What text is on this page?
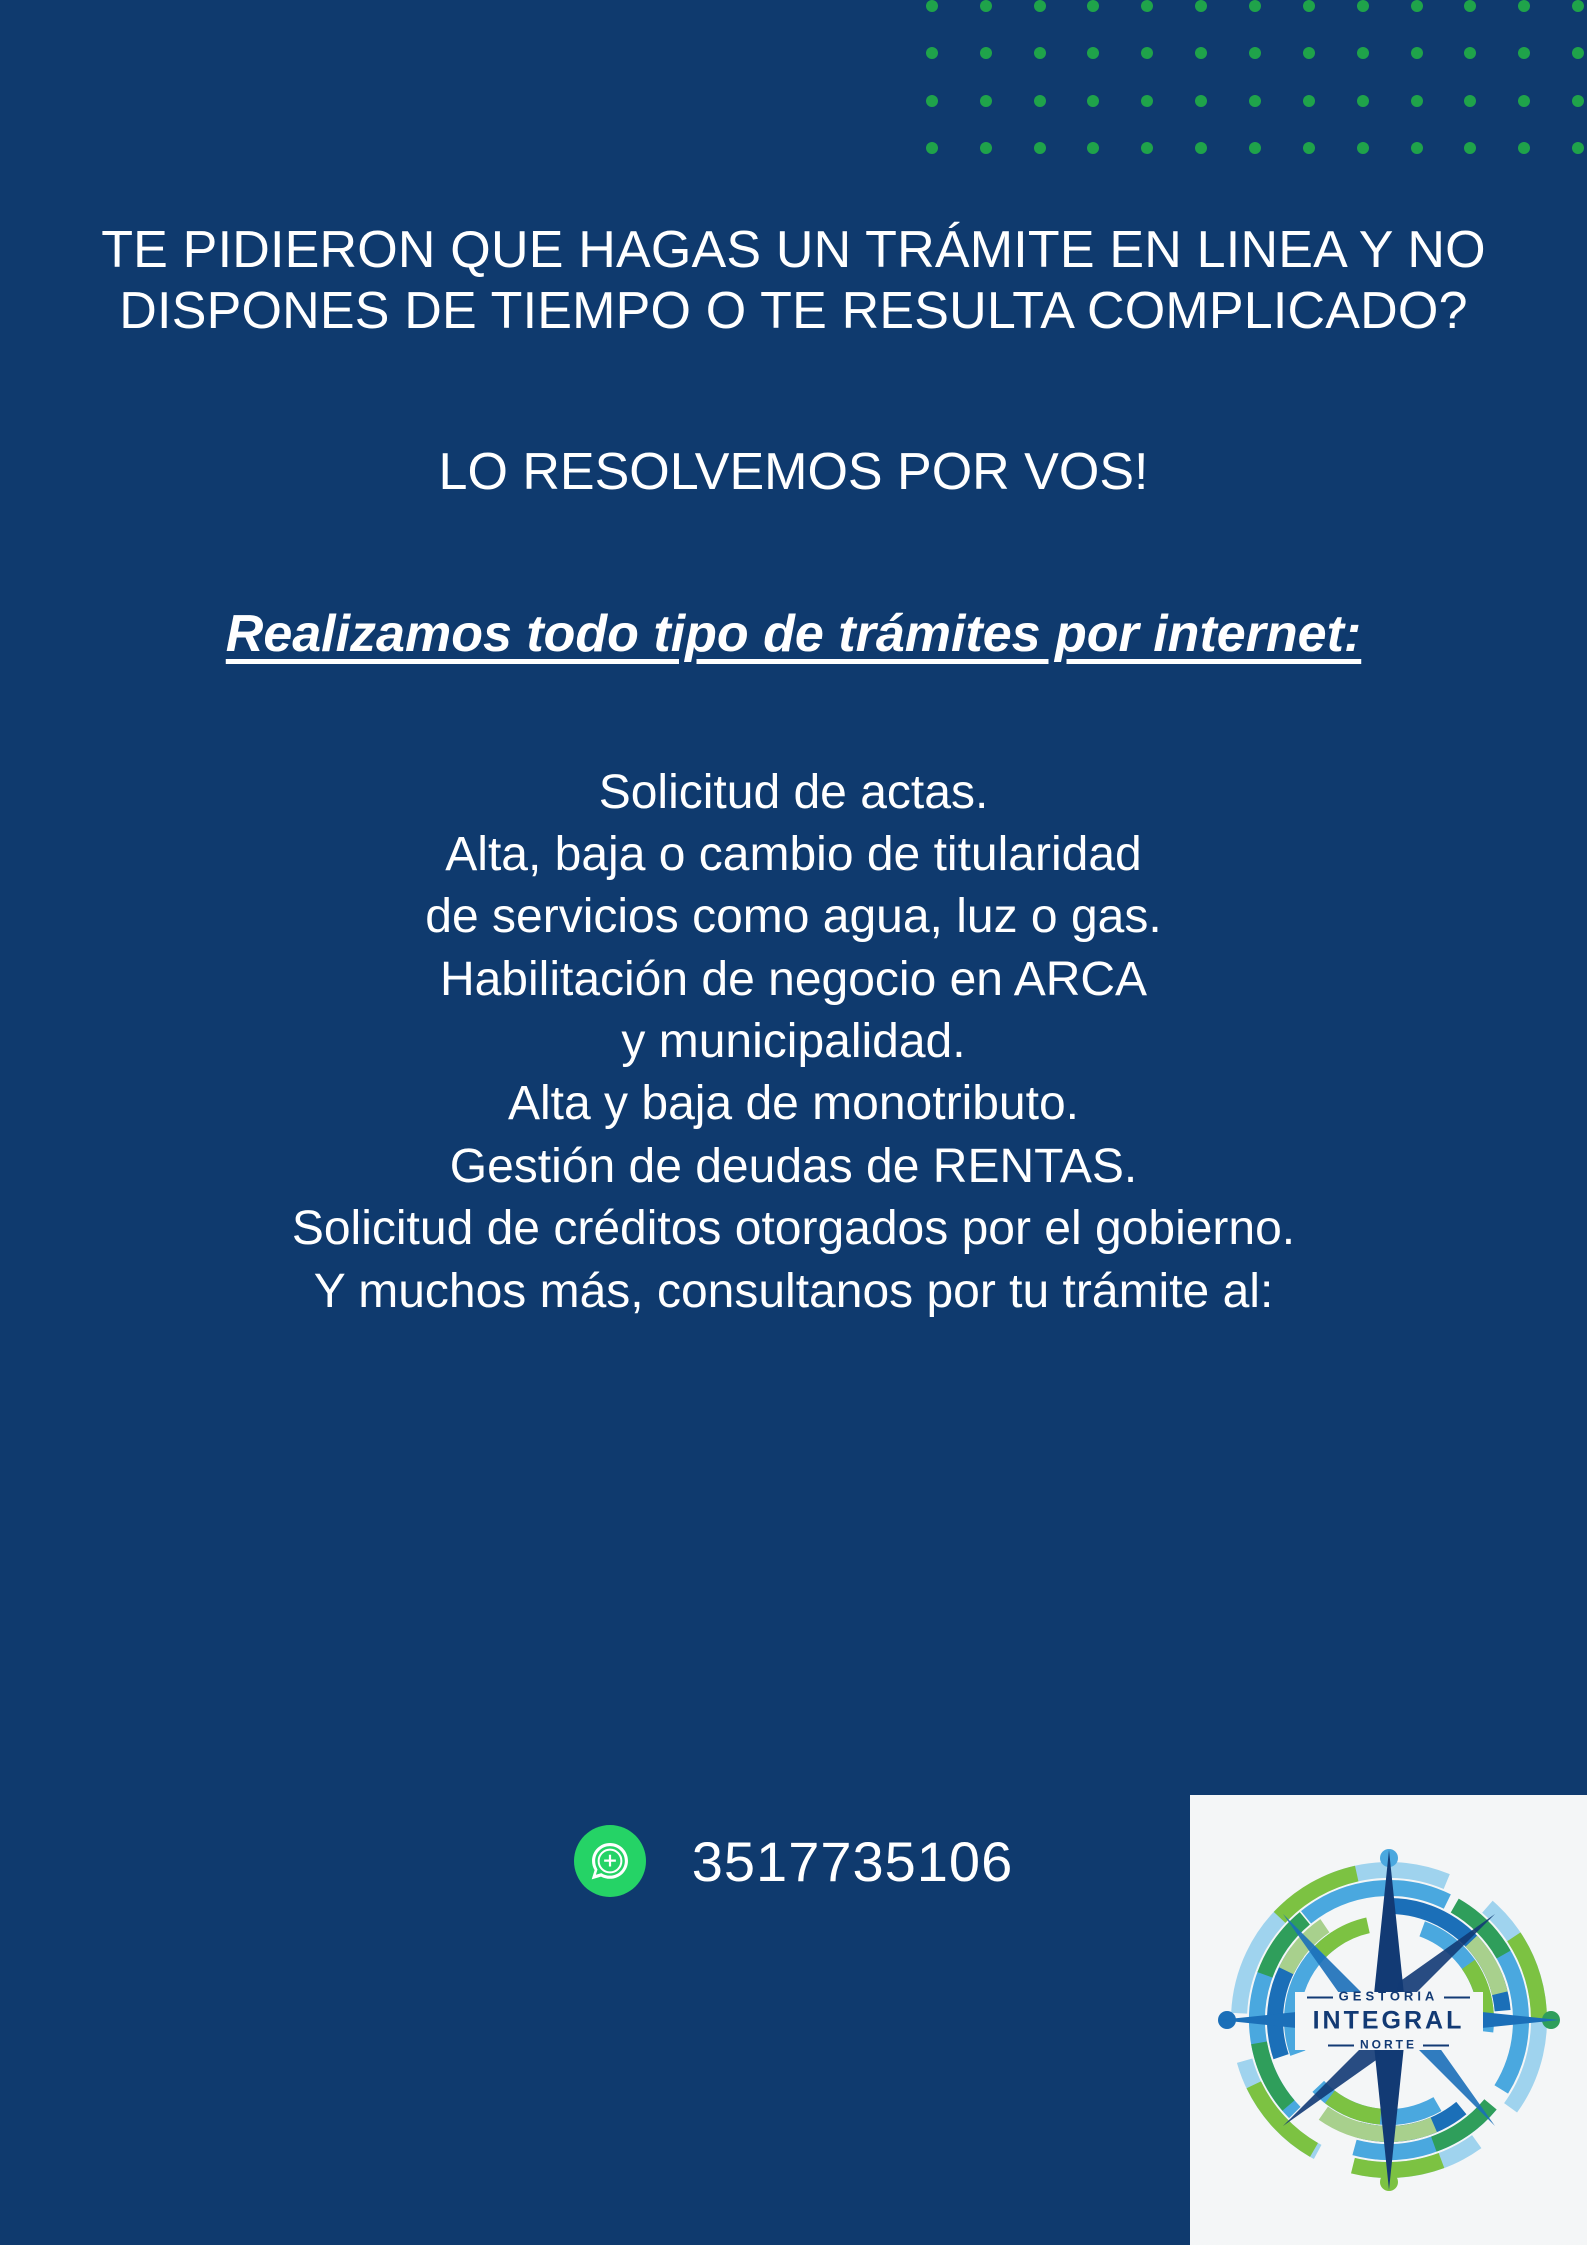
TE PIDIERON QUE HAGAS UN TRÁMITE EN LINEA Y NO DISPONES DE TIEMPO O TE RESULTA COMPLICADO?

LO RESOLVEMOS POR VOS!

Realizamos todo tipo de trámites por internet:

Solicitud de actas.
Alta, baja o cambio de titularidad
de servicios como agua, luz o gas.
Habilitación de negocio en ARCA
y municipalidad.
Alta y baja de monotributo.
Gestión de deudas de RENTAS.
Solicitud de créditos otorgados por el gobierno.
Y muchos más, consultanos por tu trámite al:
3517735106
GESTORIA
INTEGRAL
NORTE
